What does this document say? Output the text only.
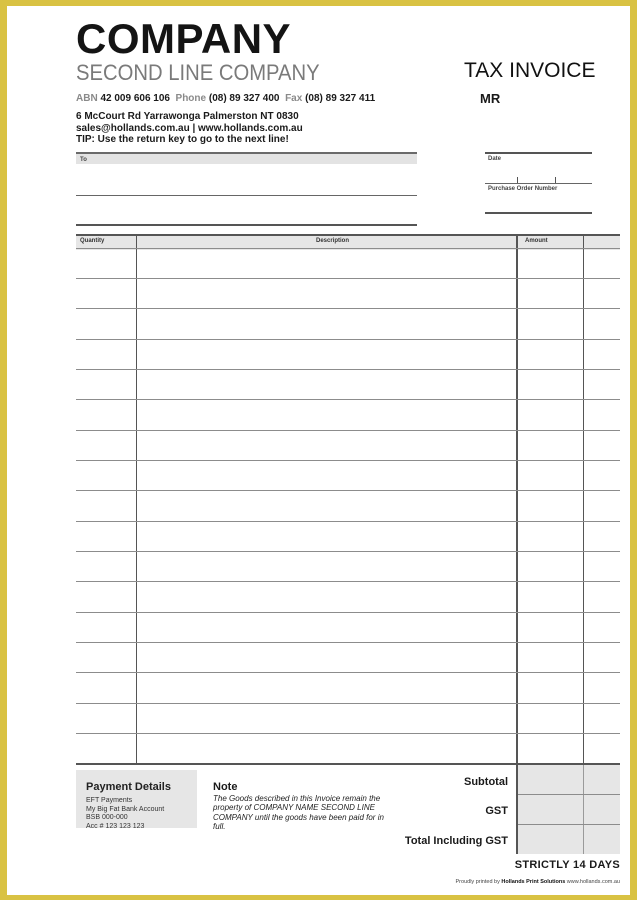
COMPANY
SECOND LINE COMPANY
ABN 42 009 606 106 Phone (08) 89 327 400 Fax (08) 89 327 411
6 McCourt Rd Yarrawonga Palmerston NT 0830
sales@hollands.com.au | www.hollands.com.au
TIP: Use the return key to go to the next line!
TAX INVOICE
MR
To	Date
Purchase Order Number
Quantity	Description	Amount
Payment Details
EFT Payments
My Big Fat Bank Account
BSB 000-000
Acc # 123 123 123
Note
The Goods described in this Invoice remain the property of COMPANY NAME SECOND LINE COMPANY until the goods have been paid for in full.
Subtotal
GST
Total Including GST
STRICTLY 14 DAYS
Proudly printed by Hollands Print Solutions www.hollands.com.au
